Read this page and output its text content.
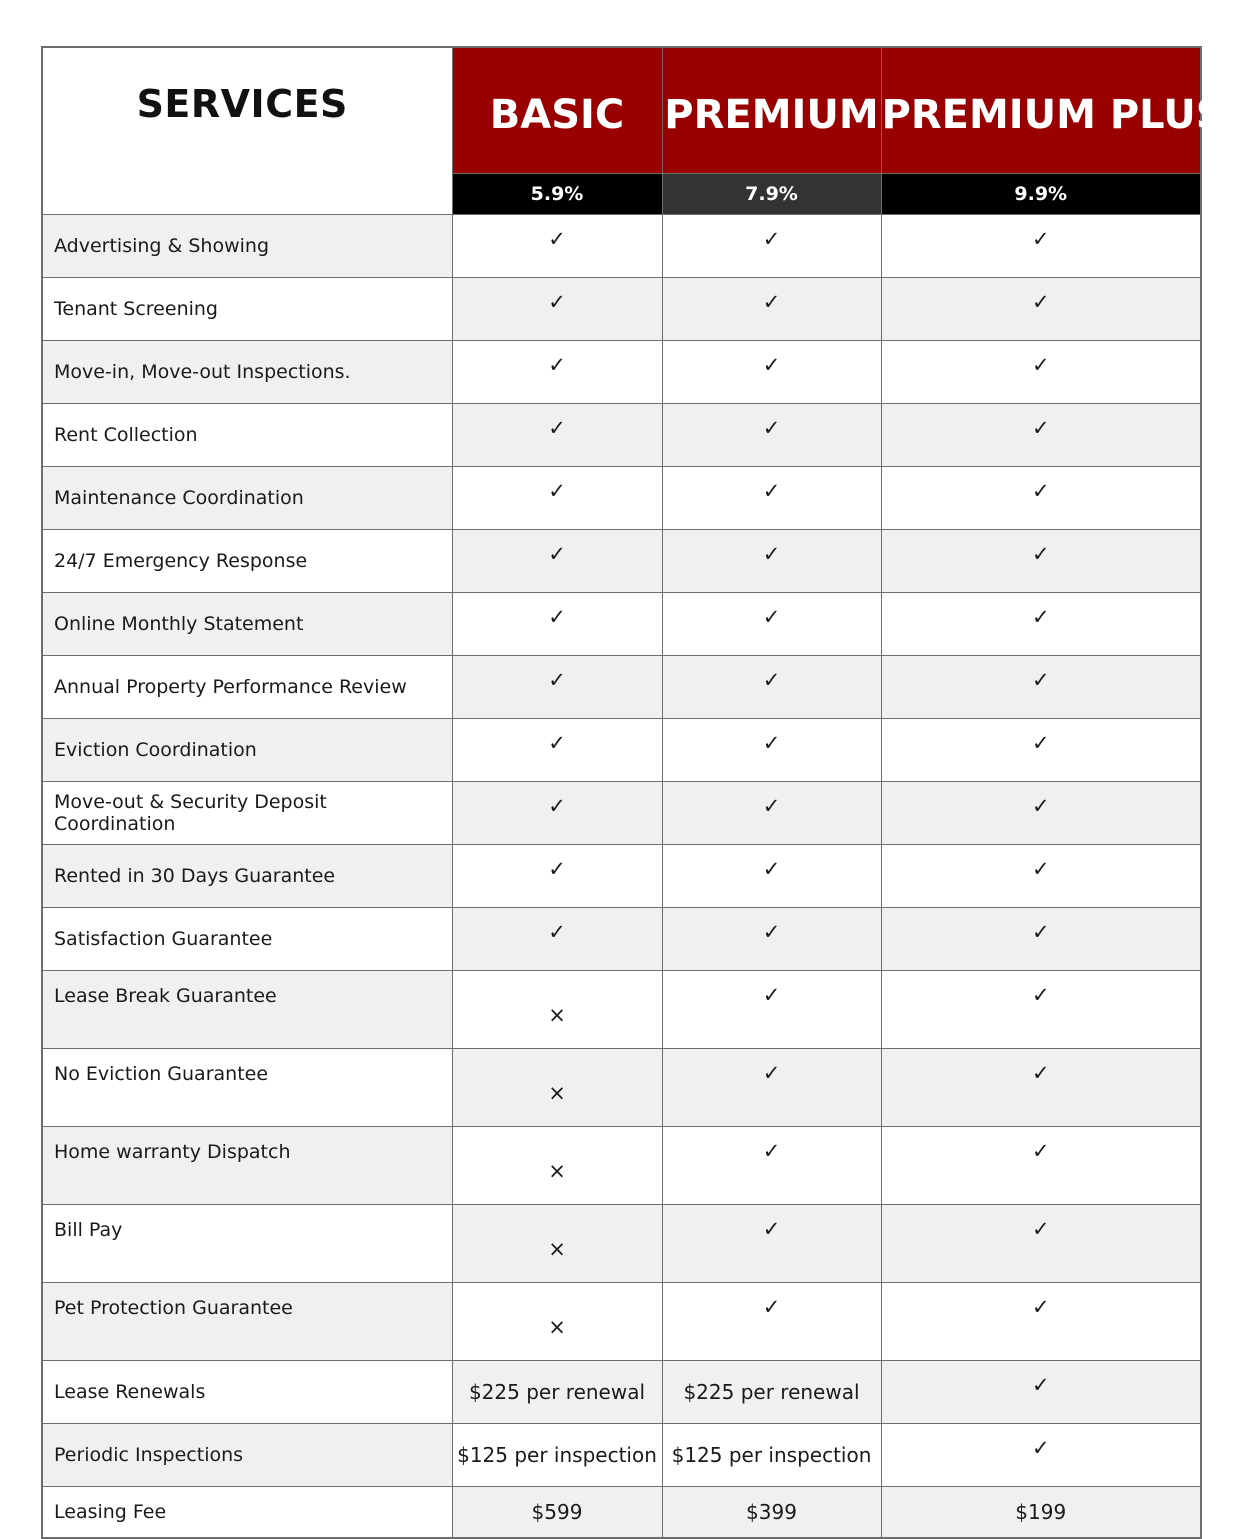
SERVICES	BASIC	PREMIUM	PREMIUM PLUS
	5.9%	7.9%	9.9%
Advertising & Showing	✓	✓	✓
Tenant Screening	✓	✓	✓
Move-in, Move-out Inspections.	✓	✓	✓
Rent Collection	✓	✓	✓
Maintenance Coordination	✓	✓	✓
24/7 Emergency Response	✓	✓	✓
Online Monthly Statement	✓	✓	✓
Annual Property Performance Review	✓	✓	✓
Eviction Coordination	✓	✓	✓
Move-out & Security Deposit Coordination	✓	✓	✓
Rented in 30 Days Guarantee	✓	✓	✓
Satisfaction Guarantee	✓	✓	✓
Lease Break Guarantee	×	✓	✓
No Eviction Guarantee	×	✓	✓
Home warranty Dispatch	×	✓	✓
Bill Pay	×	✓	✓
Pet Protection Guarantee	×	✓	✓
Lease Renewals	$225 per renewal	$225 per renewal	✓
Periodic Inspections	$125 per inspection	$125 per inspection	✓
Leasing Fee	$599	$399	$199
